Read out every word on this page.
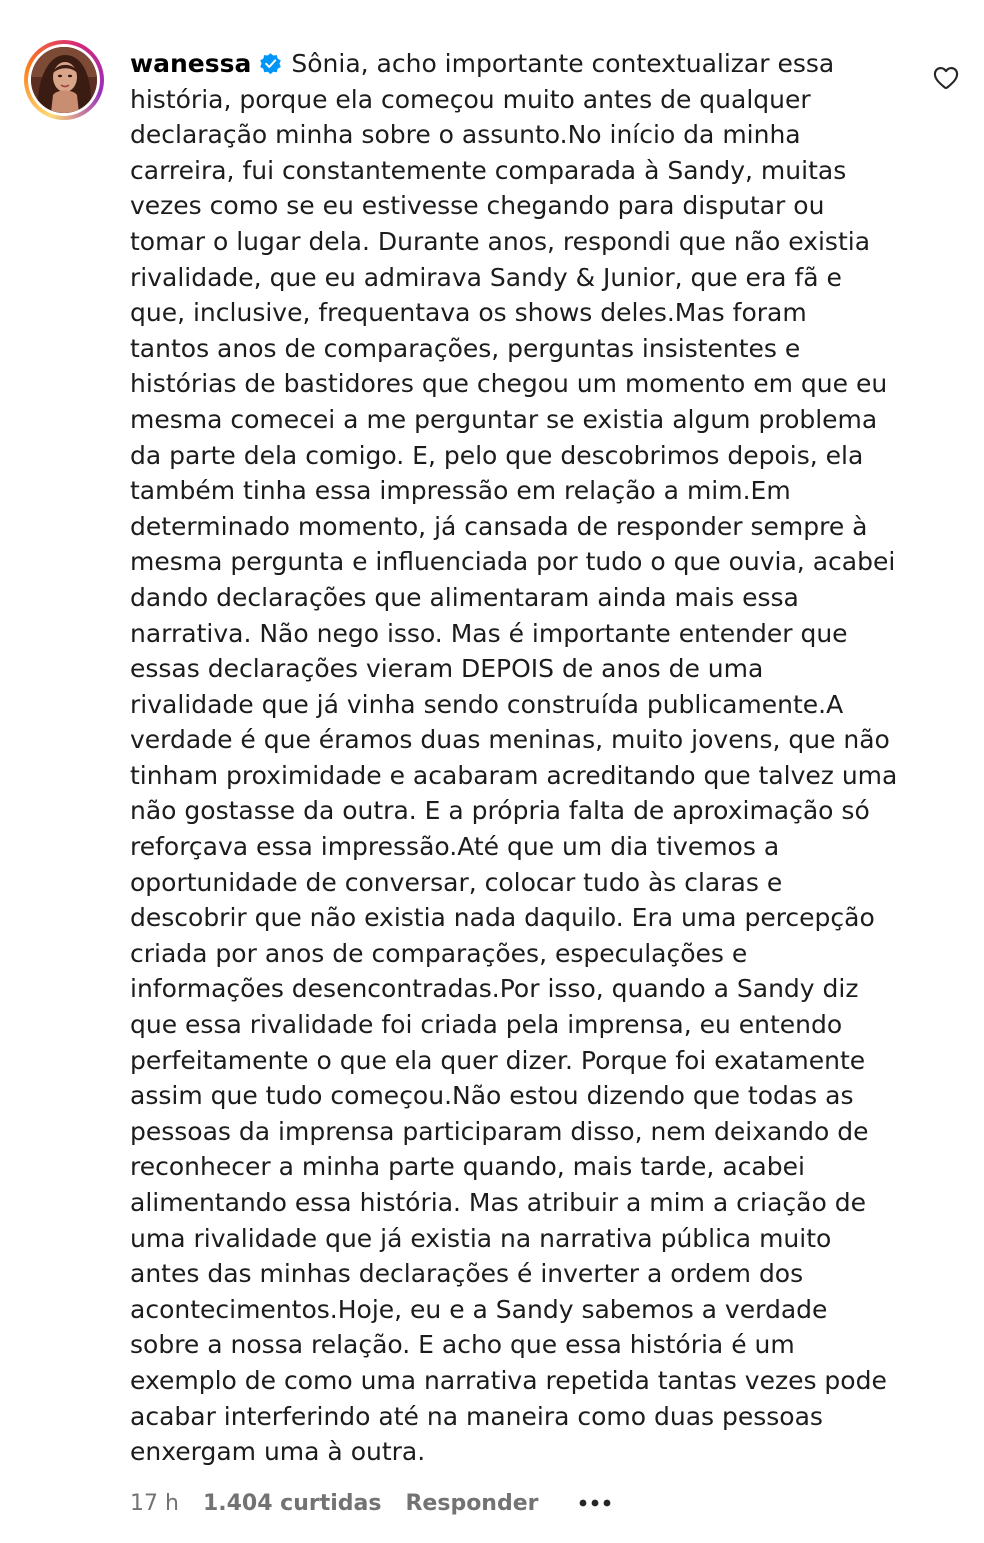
wanessa Sônia, acho importante contextualizar essa
história, porque ela começou muito antes de qualquer
declaração minha sobre o assunto.No início da minha
carreira, fui constantemente comparada à Sandy, muitas
vezes como se eu estivesse chegando para disputar ou
tomar o lugar dela. Durante anos, respondi que não existia
rivalidade, que eu admirava Sandy & Junior, que era fã e
que, inclusive, frequentava os shows deles.Mas foram
tantos anos de comparações, perguntas insistentes e
histórias de bastidores que chegou um momento em que eu
mesma comecei a me perguntar se existia algum problema
da parte dela comigo. E, pelo que descobrimos depois, ela
também tinha essa impressão em relação a mim.Em
determinado momento, já cansada de responder sempre à
mesma pergunta e influenciada por tudo o que ouvia, acabei
dando declarações que alimentaram ainda mais essa
narrativa. Não nego isso. Mas é importante entender que
essas declarações vieram DEPOIS de anos de uma
rivalidade que já vinha sendo construída publicamente.A
verdade é que éramos duas meninas, muito jovens, que não
tinham proximidade e acabaram acreditando que talvez uma
não gostasse da outra. E a própria falta de aproximação só
reforçava essa impressão.Até que um dia tivemos a
oportunidade de conversar, colocar tudo às claras e
descobrir que não existia nada daquilo. Era uma percepção
criada por anos de comparações, especulações e
informações desencontradas.Por isso, quando a Sandy diz
que essa rivalidade foi criada pela imprensa, eu entendo
perfeitamente o que ela quer dizer. Porque foi exatamente
assim que tudo começou.Não estou dizendo que todas as
pessoas da imprensa participaram disso, nem deixando de
reconhecer a minha parte quando, mais tarde, acabei
alimentando essa história. Mas atribuir a mim a criação de
uma rivalidade que já existia na narrativa pública muito
antes das minhas declarações é inverter a ordem dos
acontecimentos.Hoje, eu e a Sandy sabemos a verdade
sobre a nossa relação. E acho que essa história é um
exemplo de como uma narrativa repetida tantas vezes pode
acabar interferindo até na maneira como duas pessoas
enxergam uma à outra.
17 h 1.404 curtidas Responder
